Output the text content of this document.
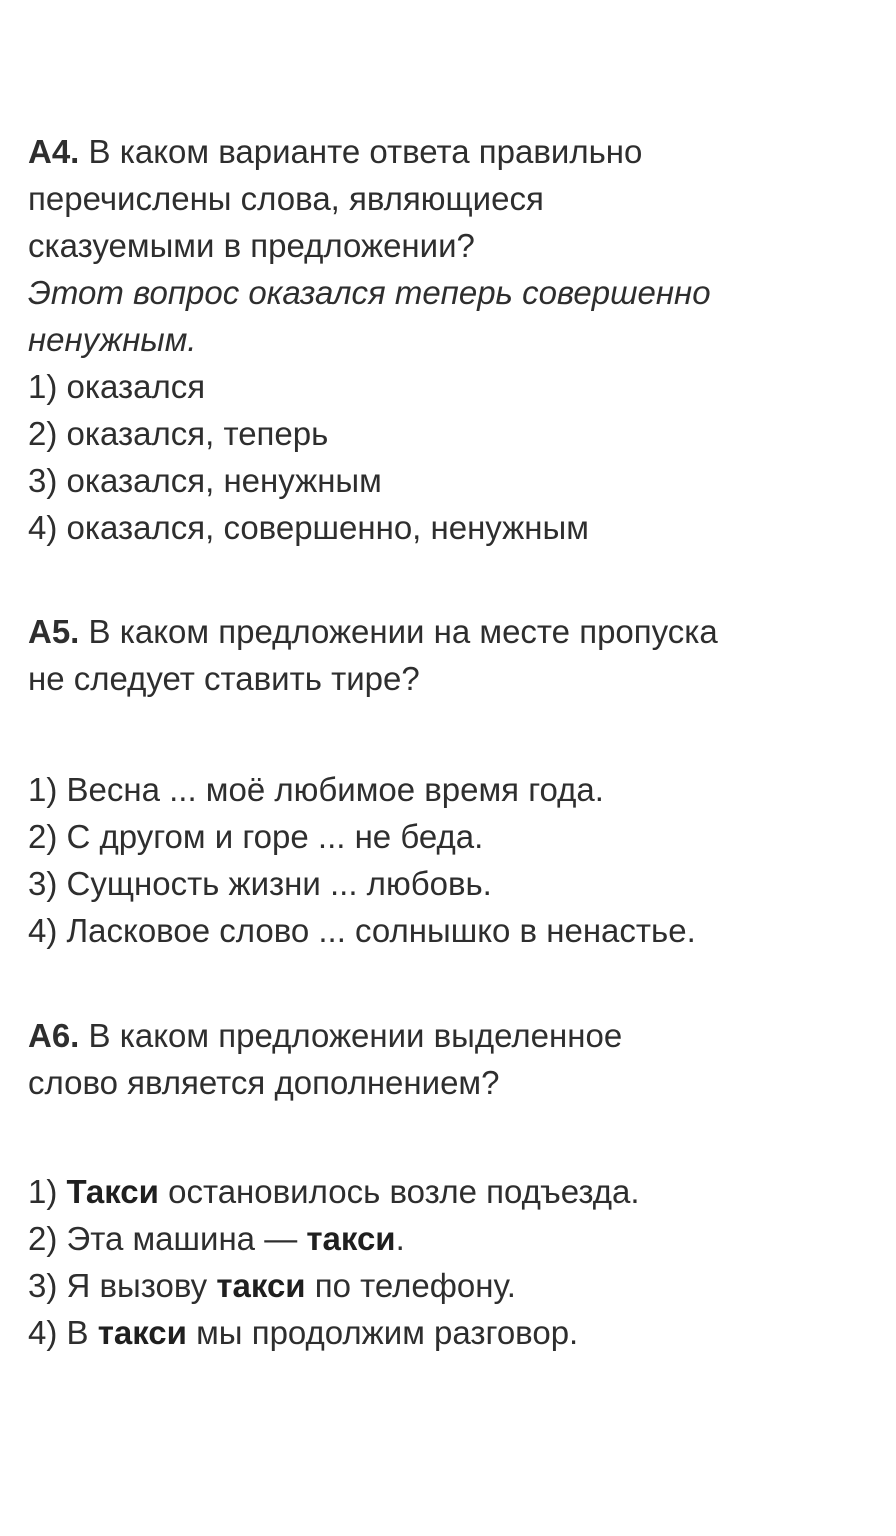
А4. В каком варианте ответа правильно
перечислены слова, являющиеся
сказуемыми в предложении?
Этот вопрос оказался теперь совершенно
ненужным.
1) оказался
2) оказался, теперь
3) оказался, ненужным
4) оказался, совершенно, ненужным
А5. В каком предложении на месте пропуска
не следует ставить тире?
1) Весна ... моё любимое время года.
2) С другом и горе ... не беда.
3) Сущность жизни ... любовь.
4) Ласковое слово ... солнышко в ненастье.
А6. В каком предложении выделенное
слово является дополнением?
1) Такси остановилось возле подъезда.
2) Эта машина — такси.
3) Я вызову такси по телефону.
4) В такси мы продолжим разговор.
